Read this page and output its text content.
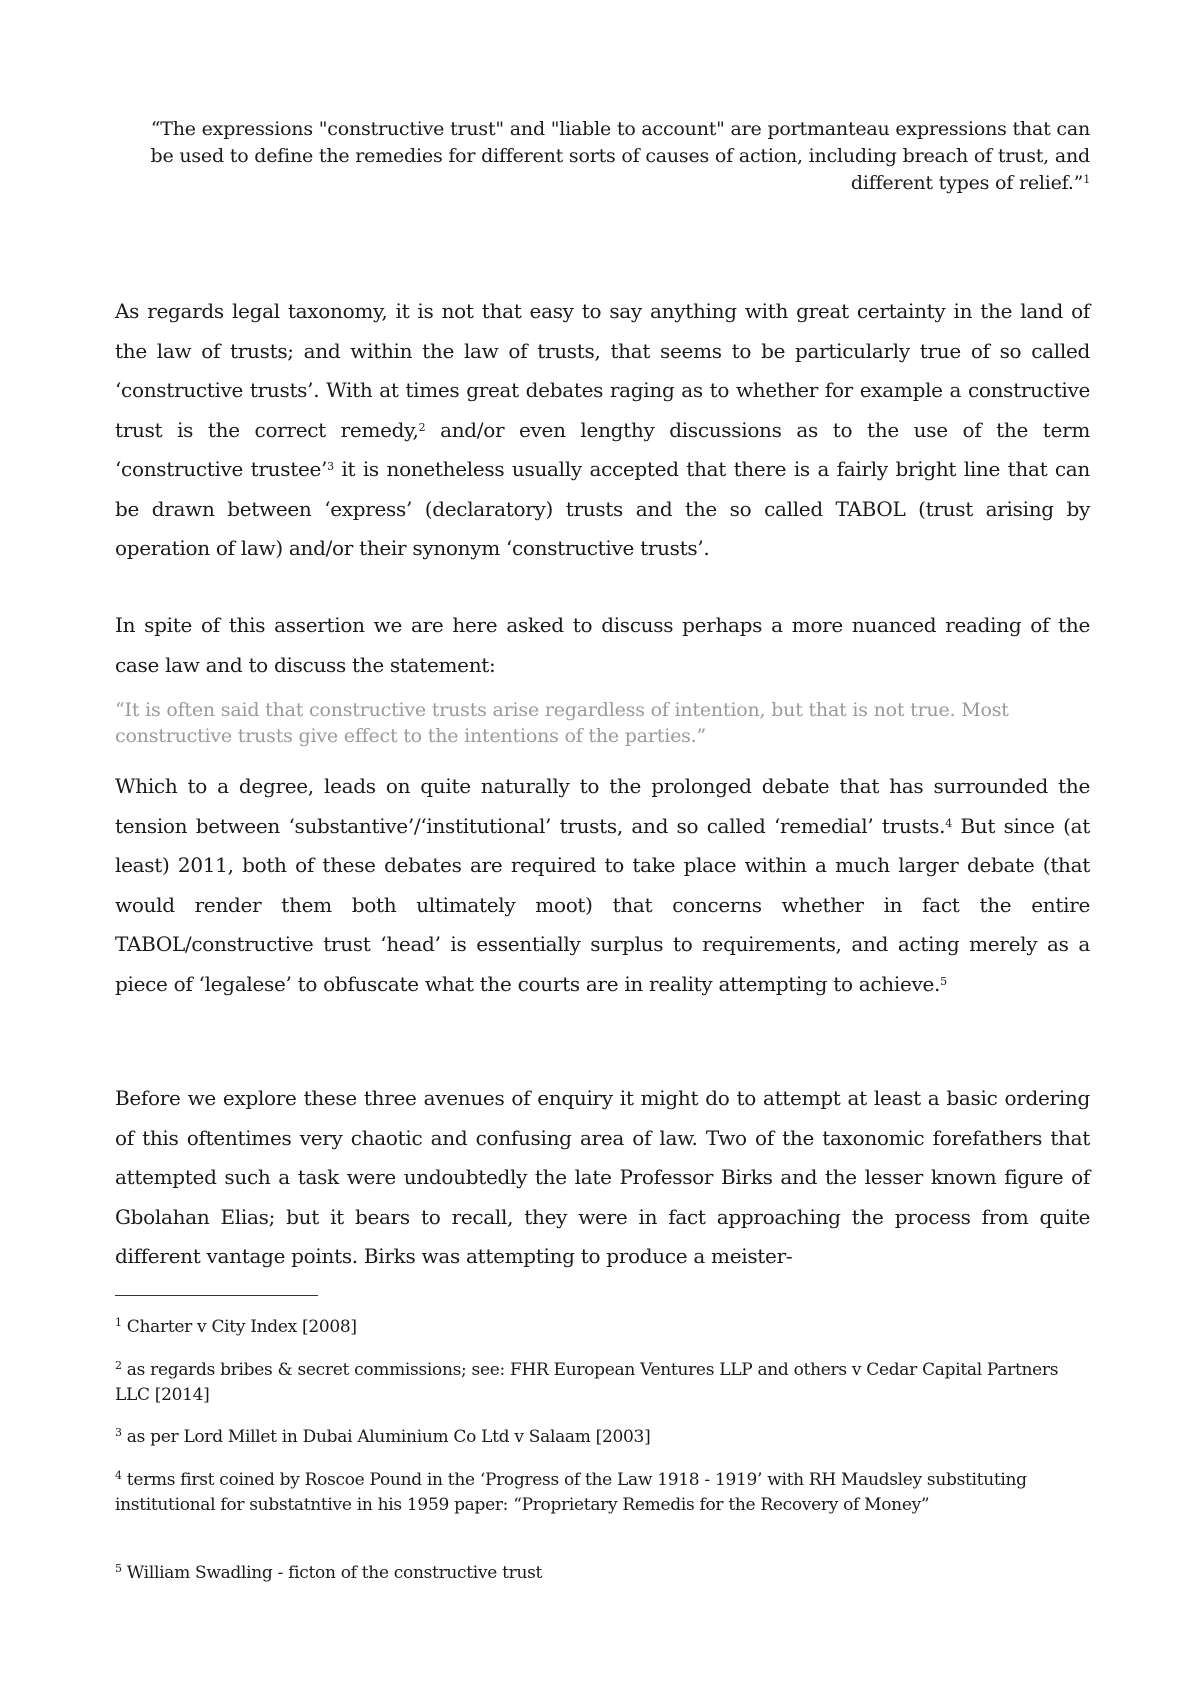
“The expressions "constructive trust" and "liable to account" are portmanteau expressions that can be used to define the remedies for different sorts of causes of action, including breach of trust, and different types of relief.”$^1$

As regards legal taxonomy, it is not that easy to say anything with great certainty in the land of the law of trusts; and within the law of trusts, that seems to be particularly true of so called ‘constructive trusts’. With at times great debates raging as to whether for example a constructive trust is the correct remedy,$^2$ and/or even lengthy discussions as to the use of the term ‘constructive trustee’$^3$ it is nonetheless usually accepted that there is a fairly bright line that can be drawn between ‘express’ (declaratory) trusts and the so called TABOL (trust arising by operation of law) and/or their synonym ‘constructive trusts’.

In spite of this assertion we are here asked to discuss perhaps a more nuanced reading of the case law and to discuss the statement:

“It is often said that constructive trusts arise regardless of intention, but that is not true. Most constructive trusts give effect to the intentions of the parties.”

Which to a degree, leads on quite naturally to the prolonged debate that has surrounded the tension between ‘substantive’/‘institutional’ trusts, and so called ‘remedial’ trusts.$^4$ But since (at least) 2011, both of these debates are required to take place within a much larger debate (that would render them both ultimately moot) that concerns whether in fact the entire TABOL/constructive trust ‘head’ is essentially surplus to requirements, and acting merely as a piece of ‘legalese’ to obfuscate what the courts are in reality attempting to achieve.$^5$

Before we explore these three avenues of enquiry it might do to attempt at least a basic ordering of this oftentimes very chaotic and confusing area of law. Two of the taxonomic forefathers that attempted such a task were undoubtedly the late Professor Birks and the lesser known figure of Gbolahan Elias; but it bears to recall, they were in fact approaching the process from quite different vantage points. Birks was attempting to produce a meister-

$^1$ Charter v City Index [2008]

$^2$ as regards bribes & secret commissions; see: FHR European Ventures LLP and others v Cedar Capital Partners LLC [2014]

$^3$ as per Lord Millet in Dubai Aluminium Co Ltd v Salaam [2003]

$^4$ terms first coined by Roscoe Pound in the ‘Progress of the Law 1918 - 1919’ with RH Maudsley substituting institutional for substatntive in his 1959 paper: “Proprietary Remedis for the Recovery of Money”

$^5$ William Swadling - ficton of the constructive trust
